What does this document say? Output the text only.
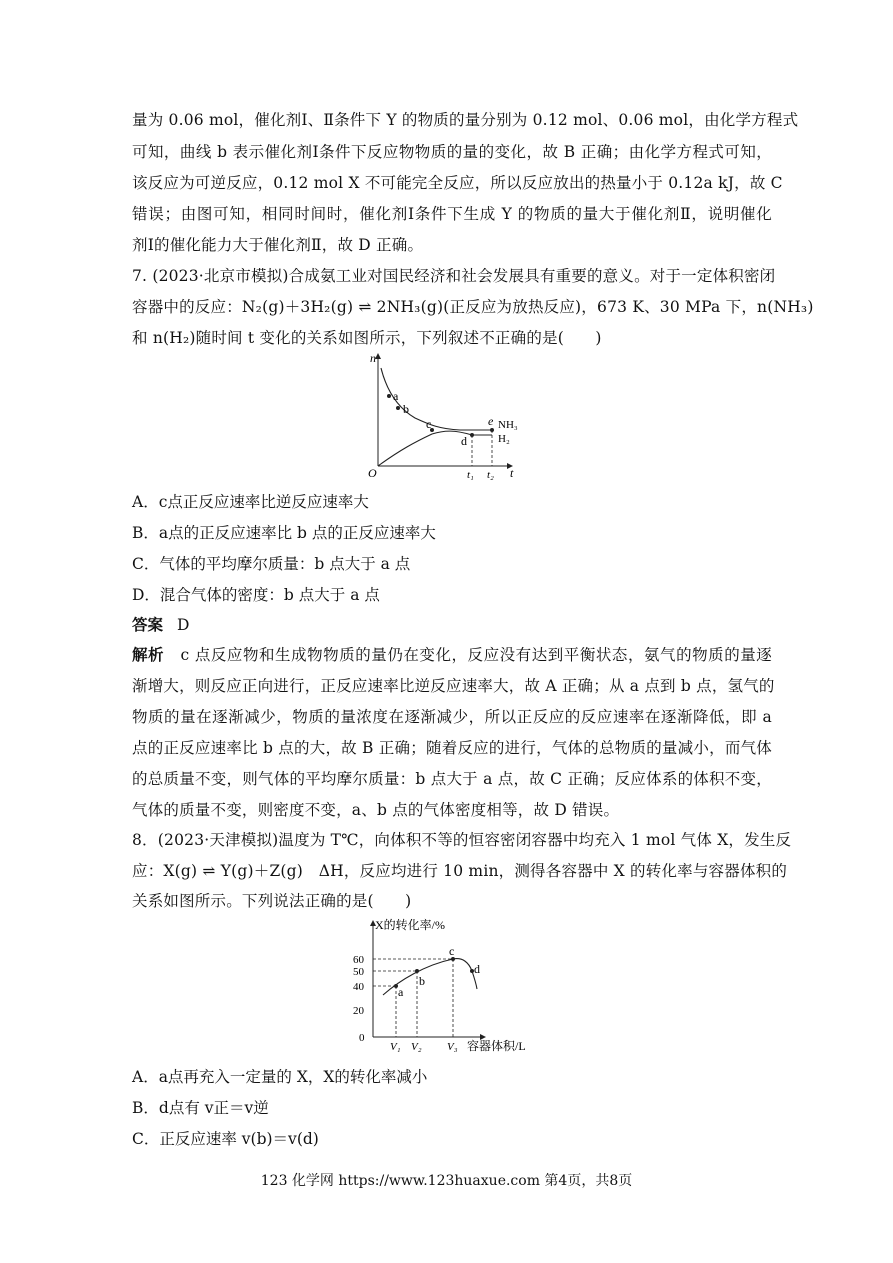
量为 0.06 mol，催化剂Ⅰ、Ⅱ条件下 Y 的物质的量分别为 0.12 mol、0.06 mol，由化学方程式
可知，曲线 b 表示催化剂Ⅰ条件下反应物物质的量的变化，故 B 正确；由化学方程式可知，
该反应为可逆反应，0.12 mol X 不可能完全反应，所以反应放出的热量小于 0.12a kJ，故 C
错误；由图可知，相同时间时，催化剂Ⅰ条件下生成 Y 的物质的量大于催化剂Ⅱ，说明催化
剂Ⅰ的催化能力大于催化剂Ⅱ，故 D 正确。
7. (2023·北京市模拟)合成氨工业对国民经济和社会发展具有重要的意义。对于一定体积密闭
容器中的反应：N₂(g)＋3H₂(g) ⇌ 2NH₃(g)(正反应为放热反应)，673 K、30 MPa 下，n(NH₃)
和 n(H₂)随时间 t 变化的关系如图所示，下列叙述不正确的是(　　)
n
t
O
a
b
c
d
e NH₃
H₂
t₁ t₂
A．c点正反应速率比逆反应速率大
B．a点的正反应速率比 b 点的正反应速率大
C．气体的平均摩尔质量：b 点大于 a 点
D．混合气体的密度：b 点大于 a 点
答案 D
解析 c 点反应物和生成物物质的量仍在变化，反应没有达到平衡状态，氨气的物质的量逐
渐增大，则反应正向进行，正反应速率比逆反应速率大，故 A 正确；从 a 点到 b 点，氢气的
物质的量在逐渐减少，物质的量浓度在逐渐减少，所以正反应的反应速率在逐渐降低，即 a
点的正反应速率比 b 点的大，故 B 正确；随着反应的进行，气体的总物质的量减小，而气体
的总质量不变，则气体的平均摩尔质量：b 点大于 a 点，故 C 正确；反应体系的体积不变，
气体的质量不变，则密度不变，a、b 点的气体密度相等，故 D 错误。
8．(2023·天津模拟)温度为 T℃，向体积不等的恒容密闭容器中均充入 1 mol 气体 X，发生反
应：X(g) ⇌ Y(g)＋Z(g)　ΔH，反应均进行 10 min，测得各容器中 X 的转化率与容器体积的
关系如图所示。下列说法正确的是(　　)
X的转化率/%
容器体积/L
0
60
50
40
20
a
b
c
d
V₁ V₂ V₃
A．a点再充入一定量的 X，X的转化率减小
B．d点有 v正＝v逆
C．正反应速率 v(b)＝v(d)
123 化学网 https://www.123huaxue.com 第4页，共8页
